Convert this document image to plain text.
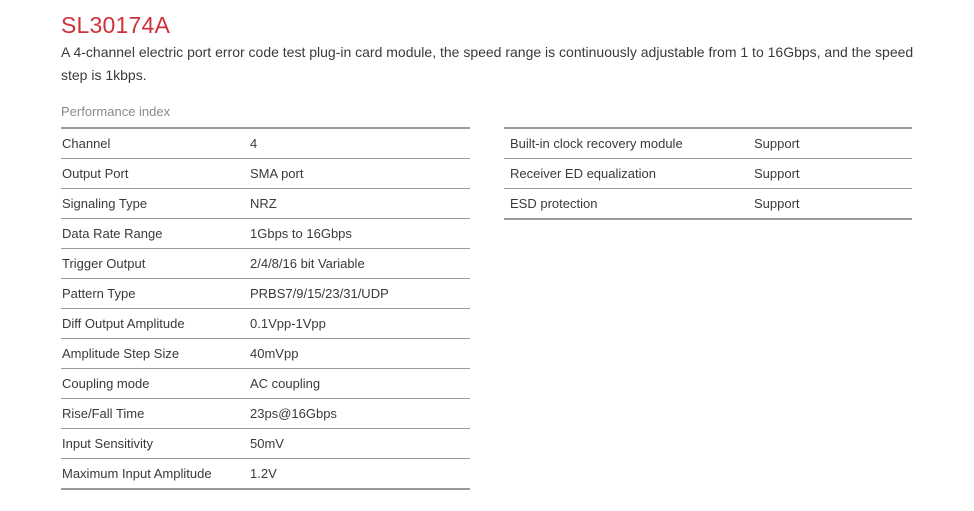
SL30174A
A 4-channel electric port error code test plug-in card module, the speed range is continuously adjustable from 1 to 16Gbps, and the speed step is 1kbps.
Performance index
Channel	4
Output Port	SMA port
Signaling Type	NRZ
Data Rate Range	1Gbps to 16Gbps
Trigger Output	2/4/8/16 bit Variable
Pattern Type	PRBS7/9/15/23/31/UDP
Diff Output Amplitude	0.1Vpp-1Vpp
Amplitude Step Size	40mVpp
Coupling mode	AC coupling
Rise/Fall Time	23ps@16Gbps
Input Sensitivity	50mV
Maximum Input Amplitude	1.2V
Built-in clock recovery module	Support
Receiver ED equalization	Support
ESD protection	Support
